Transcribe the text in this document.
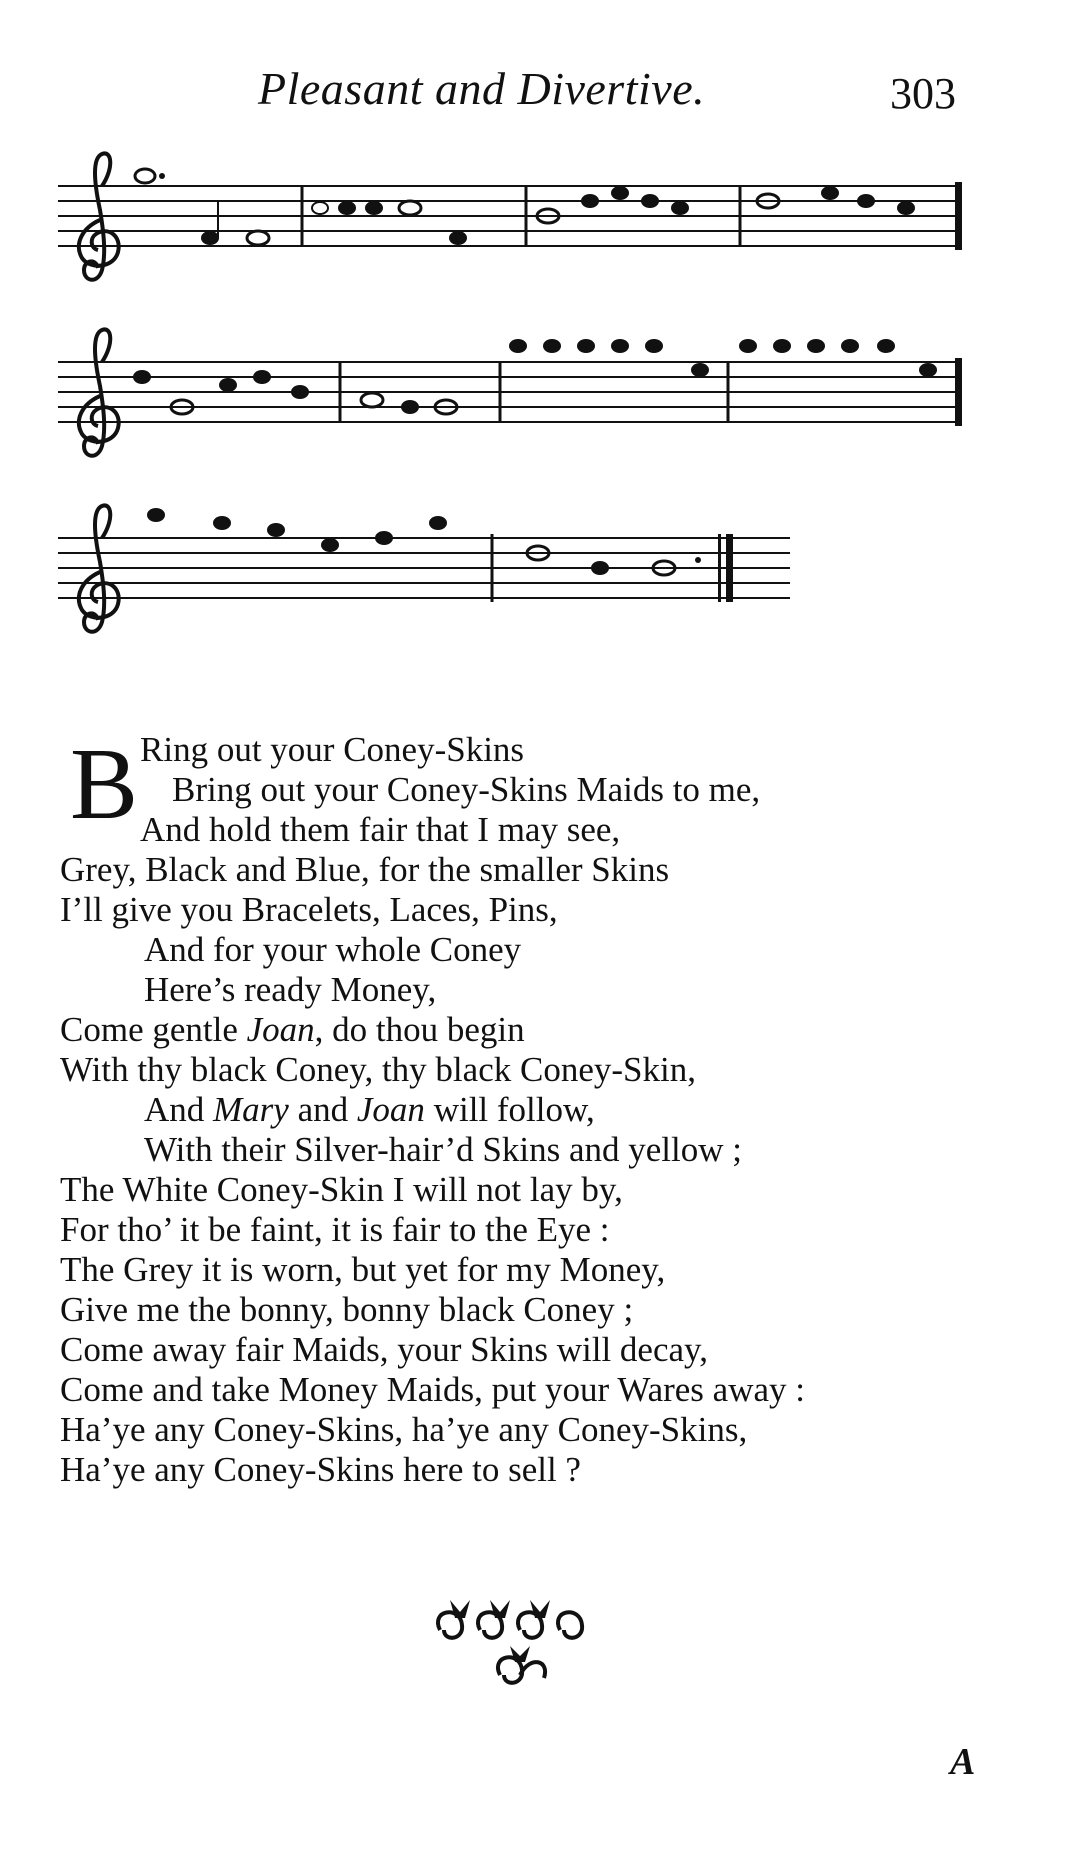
Pleasant and Divertive.	303
B Ring out your Coney-Skins
Bring out your Coney-Skins Maids to me,
And hold them fair that I may see,
Grey, Black and Blue, for the smaller Skins
I’ll give you Bracelets, Laces, Pins,
And for your whole Coney
Here’s ready Money,
Come gentle Joan, do thou begin
With thy black Coney, thy black Coney-Skin,
And Mary and Joan will follow,
With their Silver-hair’d Skins and yellow ;
The White Coney-Skin I will not lay by,
For tho’ it be faint, it is fair to the Eye :
The Grey it is worn, but yet for my Money,
Give me the bonny, bonny black Coney ;
Come away fair Maids, your Skins will decay,
Come and take Money Maids, put your Wares away :
Ha’ye any Coney-Skins, ha’ye any Coney-Skins,
Ha’ye any Coney-Skins here to sell ?
A
